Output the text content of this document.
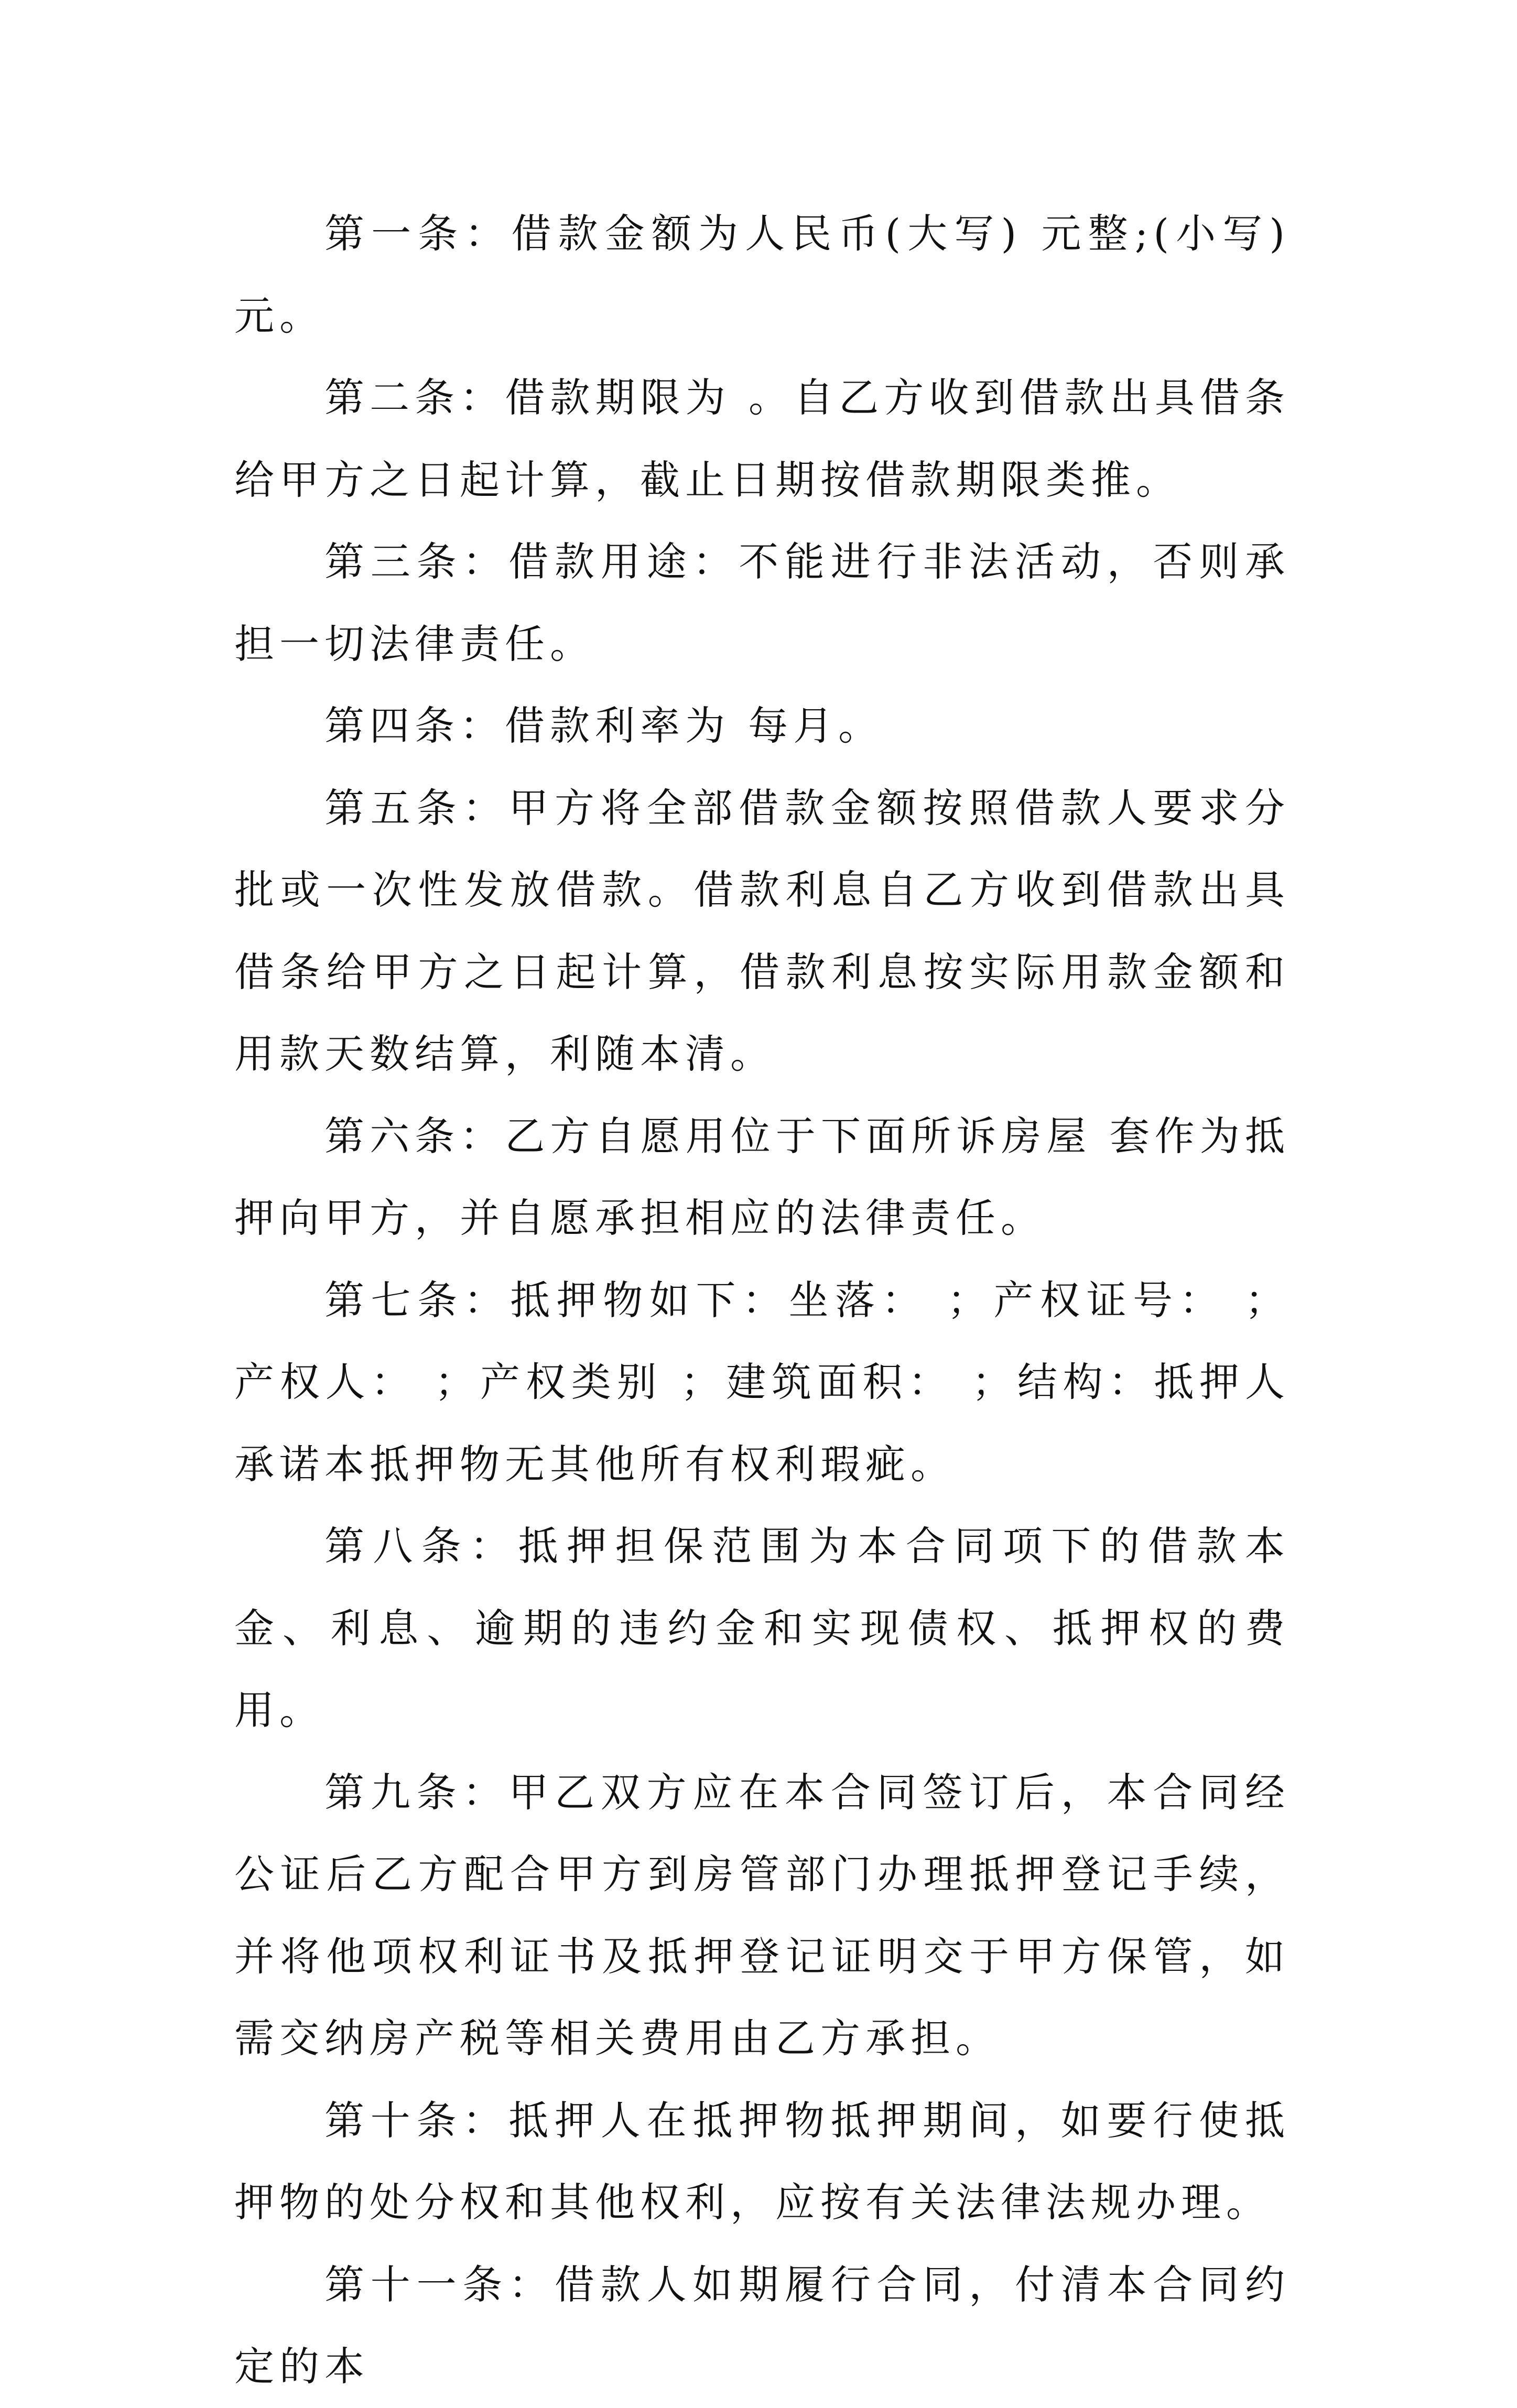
第一条：借款金额为人民币(大写) 元整;(小写) 元。

第二条：借款期限为 。自乙方收到借款出具借条给甲方之日起计算，截止日期按借款期限类推。

第三条：借款用途：不能进行非法活动，否则承担一切法律责任。

第四条：借款利率为 每月。

第五条：甲方将全部借款金额按照借款人要求分批或一次性发放借款。借款利息自乙方收到借款出具借条给甲方之日起计算，借款利息按实际用款金额和用款天数结算，利随本清。

第六条：乙方自愿用位于下面所诉房屋 套作为抵押向甲方，并自愿承担相应的法律责任。

第七条：抵押物如下：坐落： ；产权证号： ；产权人： ；产权类别 ；建筑面积： ；结构：抵押人承诺本抵押物无其他所有权利瑕疵。

第八条：抵押担保范围为本合同项下的借款本金、利息、逾期的违约金和实现债权、抵押权的费用。

第九条：甲乙双方应在本合同签订后，本合同经公证后乙方配合甲方到房管部门办理抵押登记手续，并将他项权利证书及抵押登记证明交于甲方保管，如需交纳房产税等相关费用由乙方承担。

第十条：抵押人在抵押物抵押期间，如要行使抵押物的处分权和其他权利，应按有关法律法规办理。

第十一条：借款人如期履行合同，付清本合同约定的本
